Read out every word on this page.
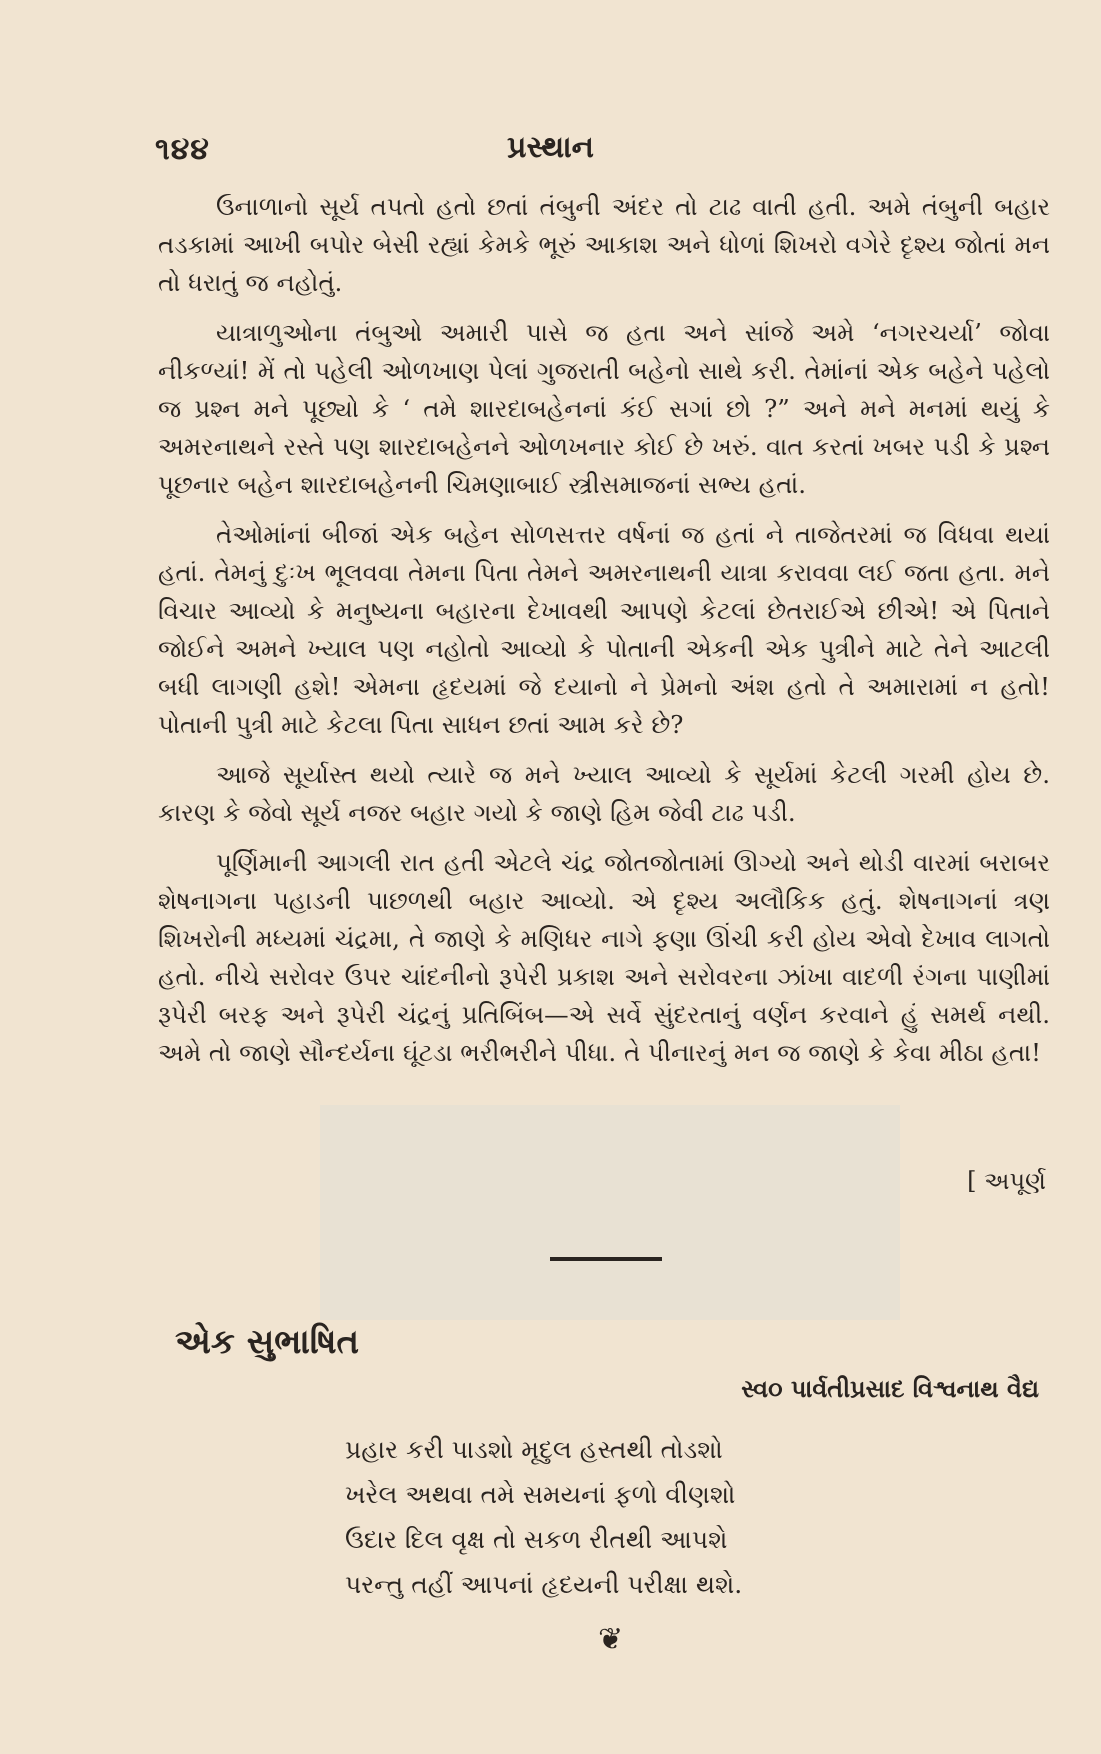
૧૪૪	પ્રસ્થાન

ઉનાળાનો સૂર્ય તપતો હતો છતાં તંબુની અંદર તો ટાઢ વાતી હતી. અમે તંબુની બહાર તડકામાં આખી બપોર બેસી રહ્યાં કેમકે ભૂરું આકાશ અને ધોળાં શિખરો વગેરે દૃશ્ય જોતાં મન તો ધરાતું જ નહોતું.

યાત્રાળુઓના તંબુઓ અમારી પાસે જ હતા અને સાંજે અમે ‘નગરચર્યા’ જોવા નીકળ્યાં! મેં તો પહેલી ઓળખાણ પેલાં ગુજરાતી બહેનો સાથે કરી. તેમાંનાં એક બહેને પહેલો જ પ્રશ્ન મને પૂછ્યો કે ‘ તમે શારદાબહેનનાં કંઈ સગાં છો ?” અને મને મનમાં થયું કે અમરનાથને રસ્તે પણ શારદાબહેનને ઓળખનાર કોઈ છે ખરું. વાત કરતાં ખબર પડી કે પ્રશ્ન પૂછનાર બહેન શારદાબહેનની ચિમણાબાઈ સ્ત્રીસમાજનાં સભ્ય હતાં.

તેઓમાંનાં બીજાં એક બહેન સોળસત્તર વર્ષનાં જ હતાં ને તાજેતરમાં જ વિધવા થયાં હતાં. તેમનું દુઃખ ભૂલવવા તેમના પિતા તેમને અમરનાથની યાત્રા કરાવવા લઈ જતા હતા. મને વિચાર આવ્યો કે મનુષ્યના બહારના દેખાવથી આપણે કેટલાં છેતરાઈએ છીએ! એ પિતાને જોઈને અમને ખ્યાલ પણ નહોતો આવ્યો કે પોતાની એકની એક પુત્રીને માટે તેને આટલી બધી લાગણી હશે! એમના હૃદયમાં જે દયાનો ને પ્રેમનો અંશ હતો તે અમારામાં ન હતો! પોતાની પુત્રી માટે કેટલા પિતા સાધન છતાં આમ કરે છે?

આજે સૂર્યાસ્ત થયો ત્યારે જ મને ખ્યાલ આવ્યો કે સૂર્યમાં કેટલી ગરમી હોય છે. કારણ કે જેવો સૂર્ય નજર બહાર ગયો કે જાણે હિમ જેવી ટાઢ પડી.

પૂર્ણિમાની આગલી રાત હતી એટલે ચંદ્ર જોતજોતામાં ઊગ્યો અને થોડી વારમાં બરાબર શેષનાગના પહાડની પાછળથી બહાર આવ્યો. એ દૃશ્ય અલૌકિક હતું. શેષનાગનાં ત્રણ શિખરોની મધ્યમાં ચંદ્રમા, તે જાણે કે મણિધર નાગે ફણા ઊંચી કરી હોય એવો દેખાવ લાગતો હતો. નીચે સરોવર ઉપર ચાંદનીનો રૂપેરી પ્રકાશ અને સરોવરના ઝાંખા વાદળી રંગના પાણીમાં રૂપેરી બરફ અને રૂપેરી ચંદ્રનું પ્રતિબિંબ—એ સર્વે સુંદરતાનું વર્ણન કરવાને હું સમર્થ નથી. અમે તો જાણે સૌન્દર્યના ઘૂંટડા ભરીભરીને પીધા. તે પીનારનું મન જ જાણે કે કેવા મીઠા હતા!

[ અપૂર્ણ
એક સુભાષિત
સ્વ૦ પાર્વતીપ્રસાદ વિશ્વનાથ વૈદ્ય
પ્રહાર કરી પાડશો મૃદુલ હસ્તથી તોડશો
ખરેલ અથવા તમે સમયનાં ફળો વીણશો
ઉદાર દિલ વૃક્ષ તો સકળ રીતથી આપશે
પરન્તુ તહીં આપનાં હૃદયની પરીક્ષા થશે.
❦
